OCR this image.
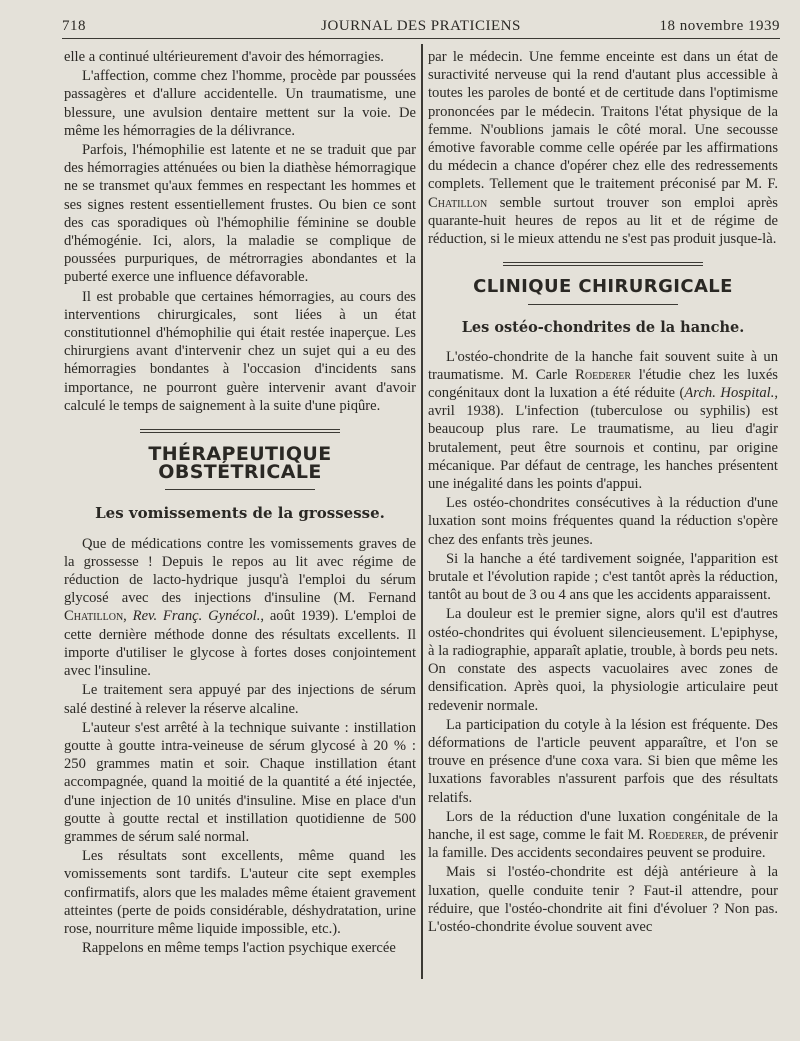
718	JOURNAL DES PRATICIENS	18 novembre 1939

elle a continué ultérieurement d'avoir des hémorragies.

L'affection, comme chez l'homme, procède par poussées passagères et d'allure accidentelle. Un traumatisme, une blessure, une avulsion dentaire mettent sur la voie. De même les hémorragies de la délivrance.

Parfois, l'hémophilie est latente et ne se traduit que par des hémorragies atténuées ou bien la diathèse hémorragique ne se transmet qu'aux femmes en respectant les hommes et ses signes restent essentiellement frustes. Ou bien ce sont des cas sporadiques où l'hémophilie féminine se double d'hémogénie. Ici, alors, la maladie se complique de poussées purpuriques, de métrorragies abondantes et la puberté exerce une influence défavorable.

Il est probable que certaines hémorragies, au cours des interventions chirurgicales, sont liées à un état constitutionnel d'hémophilie qui était restée inaperçue. Les chirurgiens avant d'intervenir chez un sujet qui a eu des hémorragies bondantes à l'occasion d'incidents sans importance, ne pourront guère intervenir avant d'avoir calculé le temps de saignement à la suite d'une piqûre.

THÉRAPEUTIQUE OBSTÉTRICALE
Les vomissements de la grossesse.

Que de médications contre les vomissements graves de la grossesse ! Depuis le repos au lit avec régime de réduction de lacto-hydrique jusqu'à l'emploi du sérum glycosé avec des injections d'insuline (M. Fernand Chatillon, Rev. Franç. Gynécol., août 1939). L'emploi de cette dernière méthode donne des résultats excellents. Il importe d'utiliser le glycose à fortes doses conjointement avec l'insuline.

Le traitement sera appuyé par des injections de sérum salé destiné à relever la réserve alcaline.

L'auteur s'est arrêté à la technique suivante : instillation goutte à goutte intra-veineuse de sérum glycosé à 20 % : 250 grammes matin et soir. Chaque instillation étant accompagnée, quand la moitié de la quantité a été injectée, d'une injection de 10 unités d'insuline. Mise en place d'un goutte à goutte rectal et instillation quotidienne de 500 grammes de sérum salé normal.

Les résultats sont excellents, même quand les vomissements sont tardifs. L'auteur cite sept exemples confirmatifs, alors que les malades même étaient gravement atteintes (perte de poids considérable, déshydratation, urine rose, nourriture même liquide impossible, etc.).

Rappelons en même temps l'action psychique exercée

par le médecin. Une femme enceinte est dans un état de suractivité nerveuse qui la rend d'autant plus accessible à toutes les paroles de bonté et de certitude dans l'optimisme prononcées par le médecin. Traitons l'état physique de la femme. N'oublions jamais le côté moral. Une secousse émotive favorable comme celle opérée par les affirmations du médecin a chance d'opérer chez elle des redressements complets. Tellement que le traitement préconisé par M. F. Chatillon semble surtout trouver son emploi après quarante-huit heures de repos au lit et de régime de réduction, si le mieux attendu ne s'est pas produit jusque-là.

CLINIQUE CHIRURGICALE
Les ostéo-chondrites de la hanche.

L'ostéo-chondrite de la hanche fait souvent suite à un traumatisme. M. Carle Roederer l'étudie chez les luxés congénitaux dont la luxation a été réduite (Arch. Hospital., avril 1938). L'infection (tuberculose ou syphilis) est beaucoup plus rare. Le traumatisme, au lieu d'agir brutalement, peut être sournois et continu, par origine mécanique. Par défaut de centrage, les hanches présentent une inégalité dans les points d'appui.

Les ostéo-chondrites consécutives à la réduction d'une luxation sont moins fréquentes quand la réduction s'opère chez des enfants très jeunes.

Si la hanche a été tardivement soignée, l'apparition est brutale et l'évolution rapide ; c'est tantôt après la réduction, tantôt au bout de 3 ou 4 ans que les accidents apparaissent.

La douleur est le premier signe, alors qu'il est d'autres ostéo-chondrites qui évoluent silencieusement. L'epiphyse, à la radiographie, apparaît aplatie, trouble, à bords peu nets. On constate des aspects vacuolaires avec zones de densification. Après quoi, la physiologie articulaire peut redevenir normale.

La participation du cotyle à la lésion est fréquente. Des déformations de l'article peuvent apparaître, et l'on se trouve en présence d'une coxa vara. Si bien que même les luxations favorables n'assurent parfois que des résultats relatifs.

Lors de la réduction d'une luxation congénitale de la hanche, il est sage, comme le fait M. Roederer, de prévenir la famille. Des accidents secondaires peuvent se produire.

Mais si l'ostéo-chondrite est déjà antérieure à la luxation, quelle conduite tenir ? Faut-il attendre, pour réduire, que l'ostéo-chondrite ait fini d'évoluer ? Non pas. L'ostéo-chondrite évolue souvent avec
